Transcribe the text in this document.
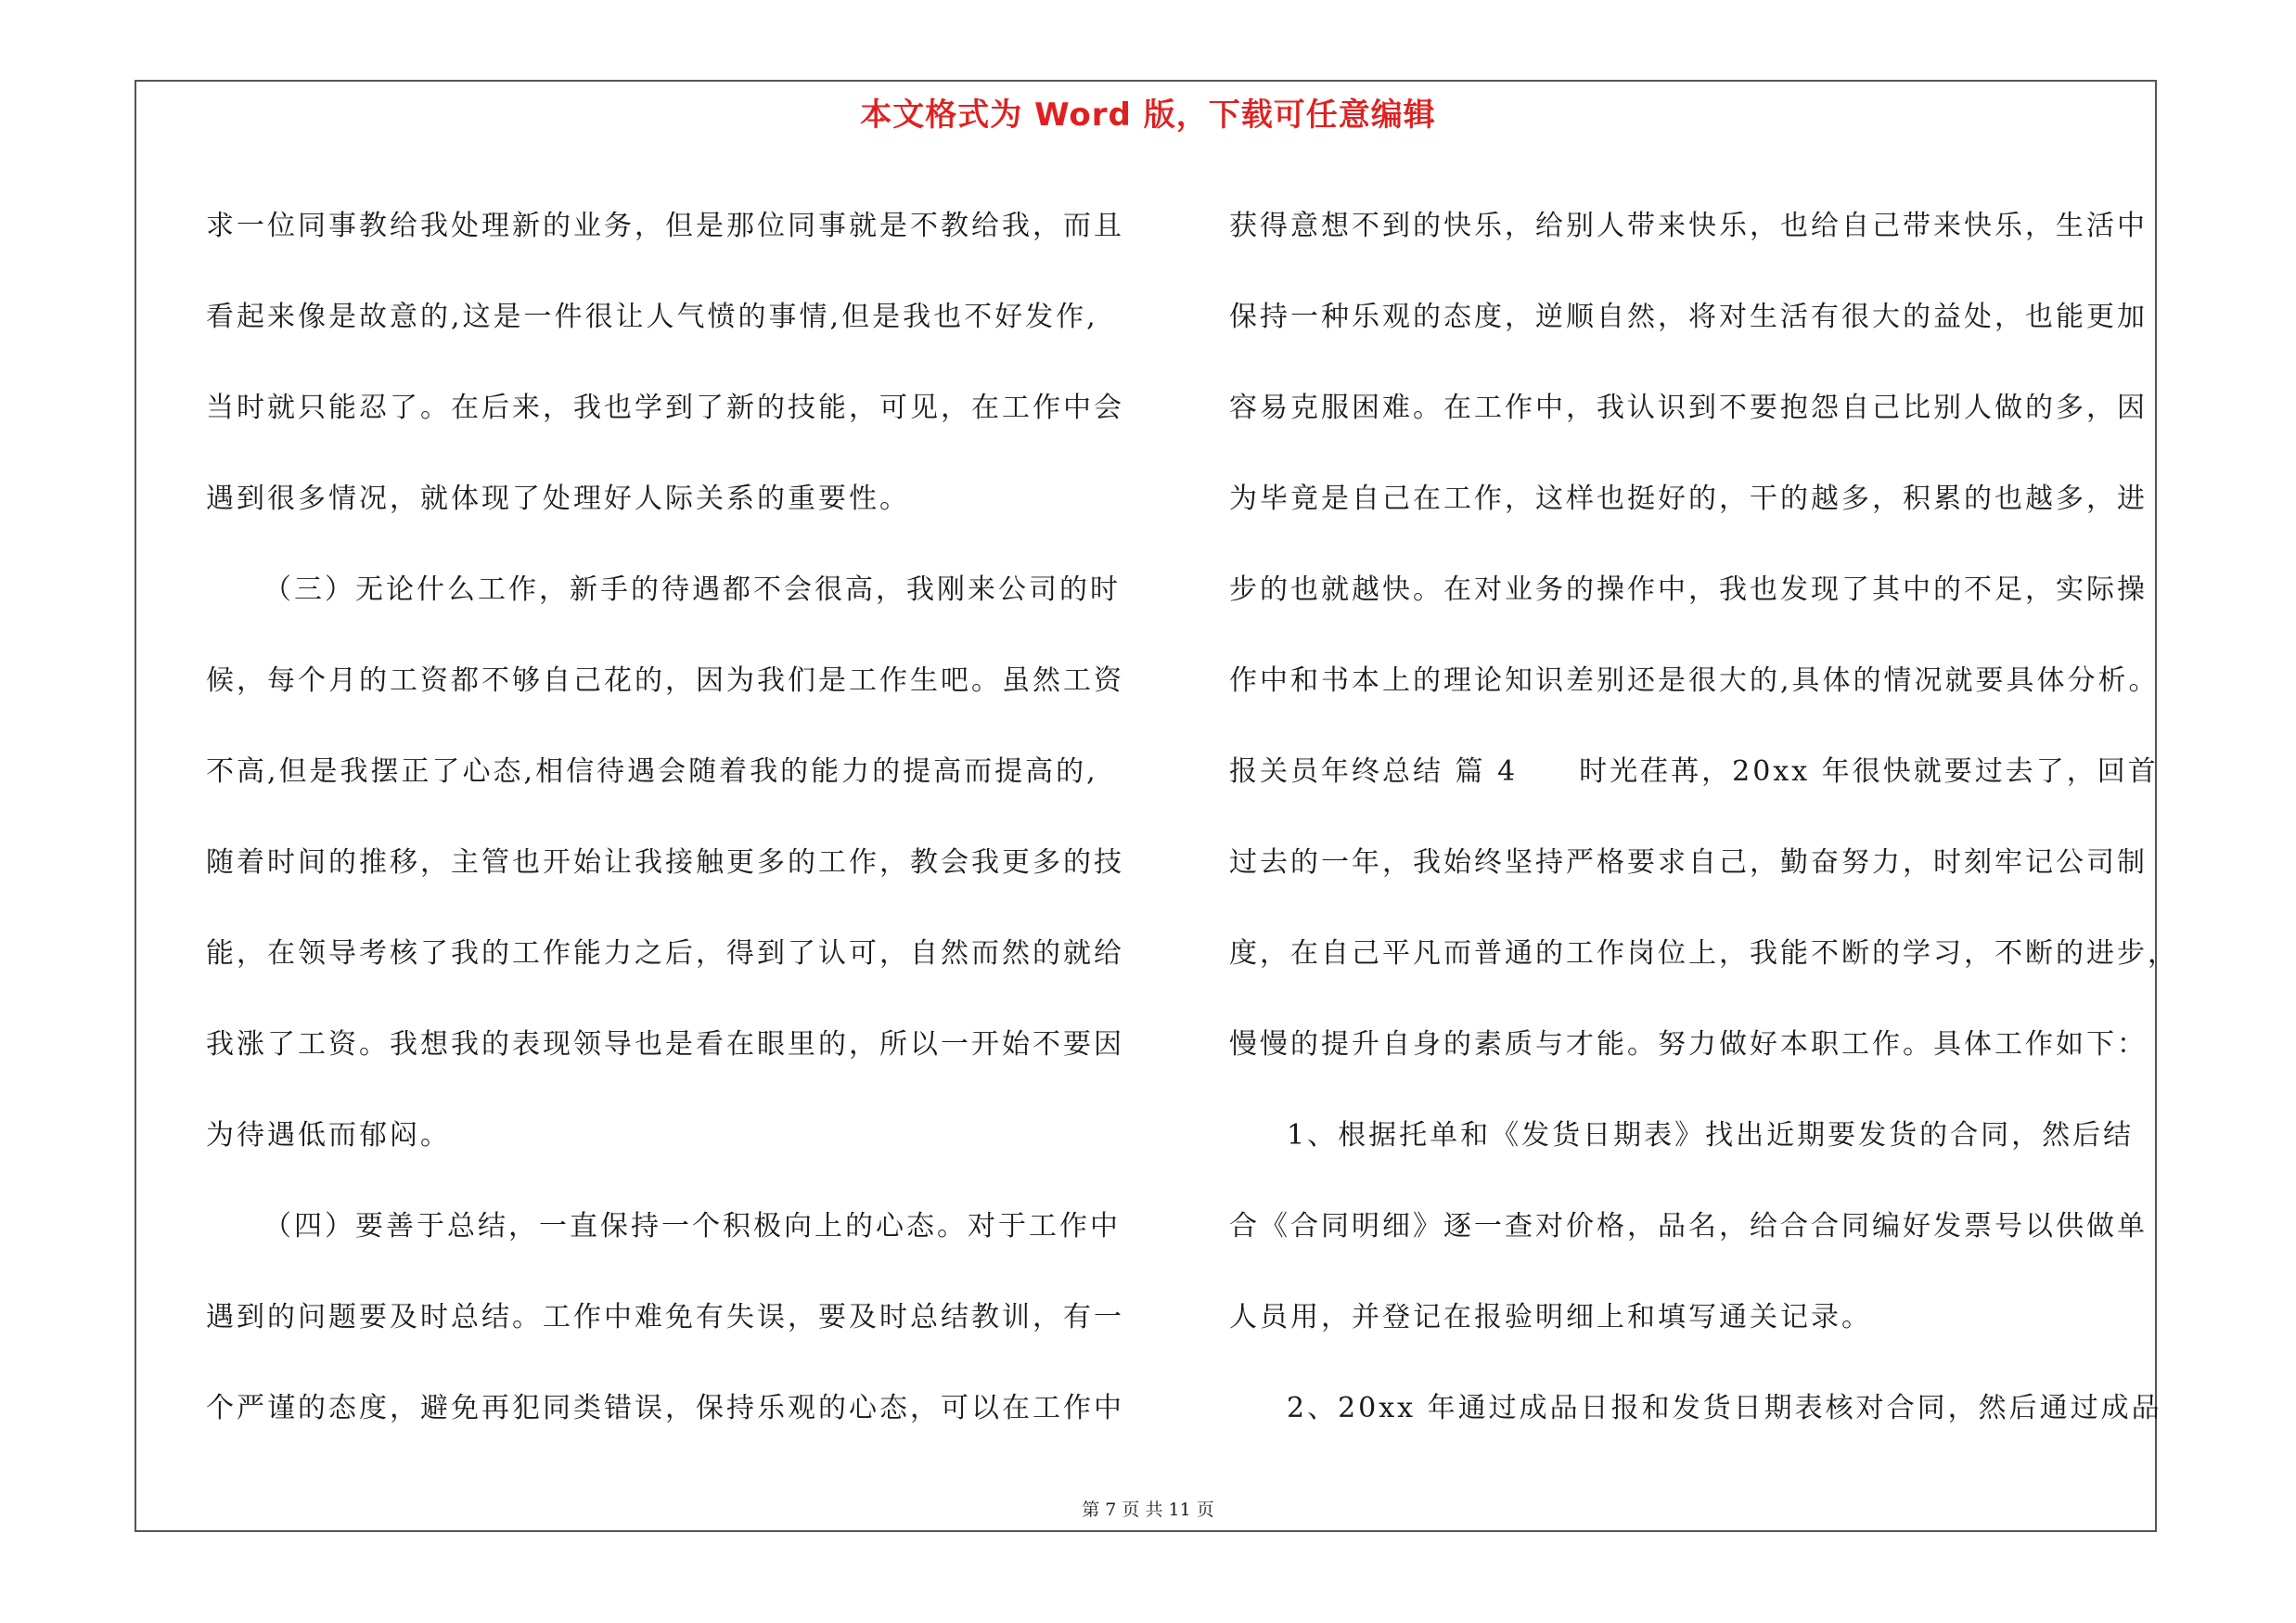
本文格式为 Word 版，下载可任意编辑
求一位同事教给我处理新的业务，但是那位同事就是不教给我，而且
看起来像是故意的,这是一件很让人气愤的事情,但是我也不好发作,
当时就只能忍了。在后来，我也学到了新的技能，可见，在工作中会
遇到很多情况，就体现了处理好人际关系的重要性。
（三）无论什么工作，新手的待遇都不会很高，我刚来公司的时
候，每个月的工资都不够自己花的，因为我们是工作生吧。虽然工资
不高,但是我摆正了心态,相信待遇会随着我的能力的提高而提高的,
随着时间的推移，主管也开始让我接触更多的工作，教会我更多的技
能，在领导考核了我的工作能力之后，得到了认可，自然而然的就给
我涨了工资。我想我的表现领导也是看在眼里的，所以一开始不要因
为待遇低而郁闷。
（四）要善于总结，一直保持一个积极向上的心态。对于工作中
遇到的问题要及时总结。工作中难免有失误，要及时总结教训，有一
个严谨的态度，避免再犯同类错误，保持乐观的心态，可以在工作中
获得意想不到的快乐，给别人带来快乐，也给自己带来快乐，生活中
保持一种乐观的态度，逆顺自然，将对生活有很大的益处，也能更加
容易克服困难。在工作中，我认识到不要抱怨自己比别人做的多，因
为毕竟是自己在工作，这样也挺好的，干的越多，积累的也越多，进
步的也就越快。在对业务的操作中，我也发现了其中的不足，实际操
作中和书本上的理论知识差别还是很大的,具体的情况就要具体分析。
报关员年终总结 篇 4　　时光荏苒，20xx 年很快就要过去了，回首
过去的一年，我始终坚持严格要求自己，勤奋努力，时刻牢记公司制
度，在自己平凡而普通的工作岗位上，我能不断的学习，不断的进步，
慢慢的提升自身的素质与才能。努力做好本职工作。具体工作如下：
1、根据托单和《发货日期表》找出近期要发货的合同，然后结
合《合同明细》逐一查对价格，品名，给合合同编好发票号以供做单
人员用，并登记在报验明细上和填写通关记录。
2、20xx 年通过成品日报和发货日期表核对合同，然后通过成品
第 7 页 共 11 页
